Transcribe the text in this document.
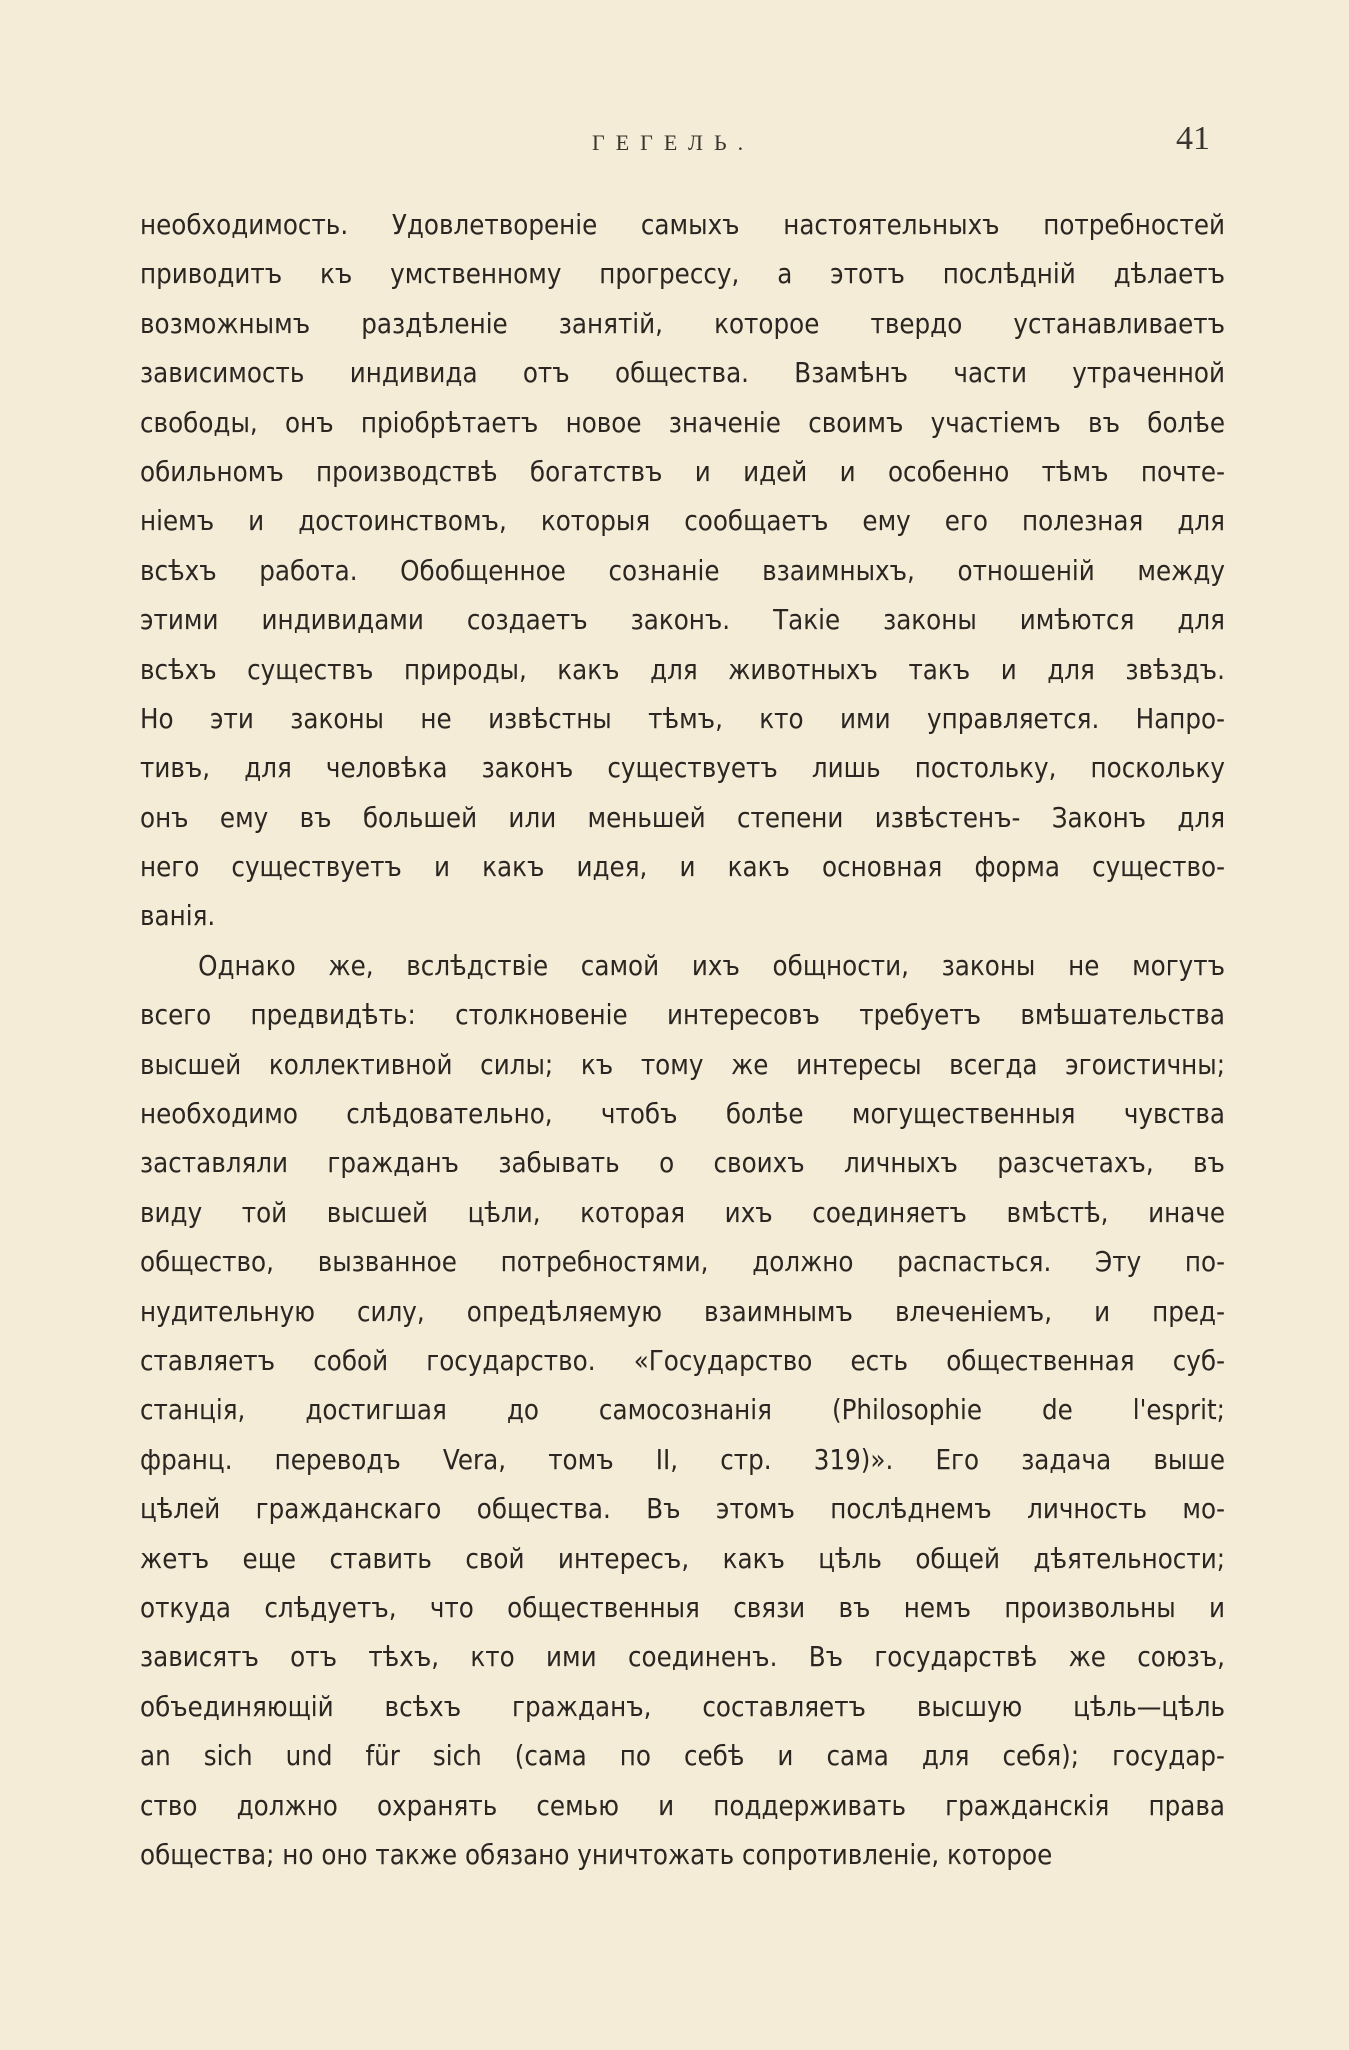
ГЕГЕЛЬ.	41
необходимость. Удовлетворенiе самыхъ настоятельныхъ потребностей
приводитъ къ умственному прогрессу, а этотъ послѣднiй дѣлаетъ
возможнымъ раздѣленiе занятiй, которое твердо устанавливаетъ
зависимость индивида отъ общества. Взамѣнъ части утраченной
свободы, онъ прiобрѣтаетъ новое значенiе своимъ участiемъ въ болѣе
обильномъ производствѣ богатствъ и идей и особенно тѣмъ почте-
нiемъ и достоинствомъ, которыя сообщаетъ ему его полезная для
всѣхъ работа. Обобщенное сознанiе взаимныхъ, отношенiй между
этими индивидами создаетъ законъ. Такiе законы имѣются для
всѣхъ существъ природы, какъ для животныхъ такъ и для звѣздъ.
Но эти законы не извѣстны тѣмъ, кто ими управляется. Напро-
тивъ, для человѣка законъ существуетъ лишь постольку, поскольку
онъ ему въ большей или меньшей степени извѣстенъ- Законъ для
него существуетъ и какъ идея, и какъ основная форма существо-
ванiя.
Однако же, вслѣдствiе самой ихъ общности, законы не могутъ
всего предвидѣть: столкновенiе интересовъ требуетъ вмѣшательства
высшей коллективной силы; къ тому же интересы всегда эгоистичны;
необходимо слѣдовательно, чтобъ болѣе могущественныя чувства
заставляли гражданъ забывать о своихъ личныхъ разсчетахъ, въ
виду той высшей цѣли, которая ихъ соединяетъ вмѣстѣ, иначе
общество, вызванное потребностями, должно распасться. Эту по-
нудительную силу, опредѣляемую взаимнымъ влеченiемъ, и пред-
ставляетъ собой государство. «Государство есть общественная суб-
станцiя, достигшая до самосознанiя (Philosophie de l'esprit;
франц. переводъ Vera, томъ II, стр. 319)». Его задача выше
цѣлей гражданскаго общества. Въ этомъ послѣднемъ личность мо-
жетъ еще ставить свой интересъ, какъ цѣль общей дѣятельности;
откуда слѣдуетъ, что общественныя связи въ немъ произвольны и
зависятъ отъ тѣхъ, кто ими соединенъ. Въ государствѣ же союзъ,
объединяющiй всѣхъ гражданъ, составляетъ высшую цѣль—цѣль
an sich und für sich (сама по себѣ и сама для себя); государ-
ство должно охранять семью и поддерживать гражданскiя права
общества; но оно также обязано уничтожать сопротивленiе, которое
